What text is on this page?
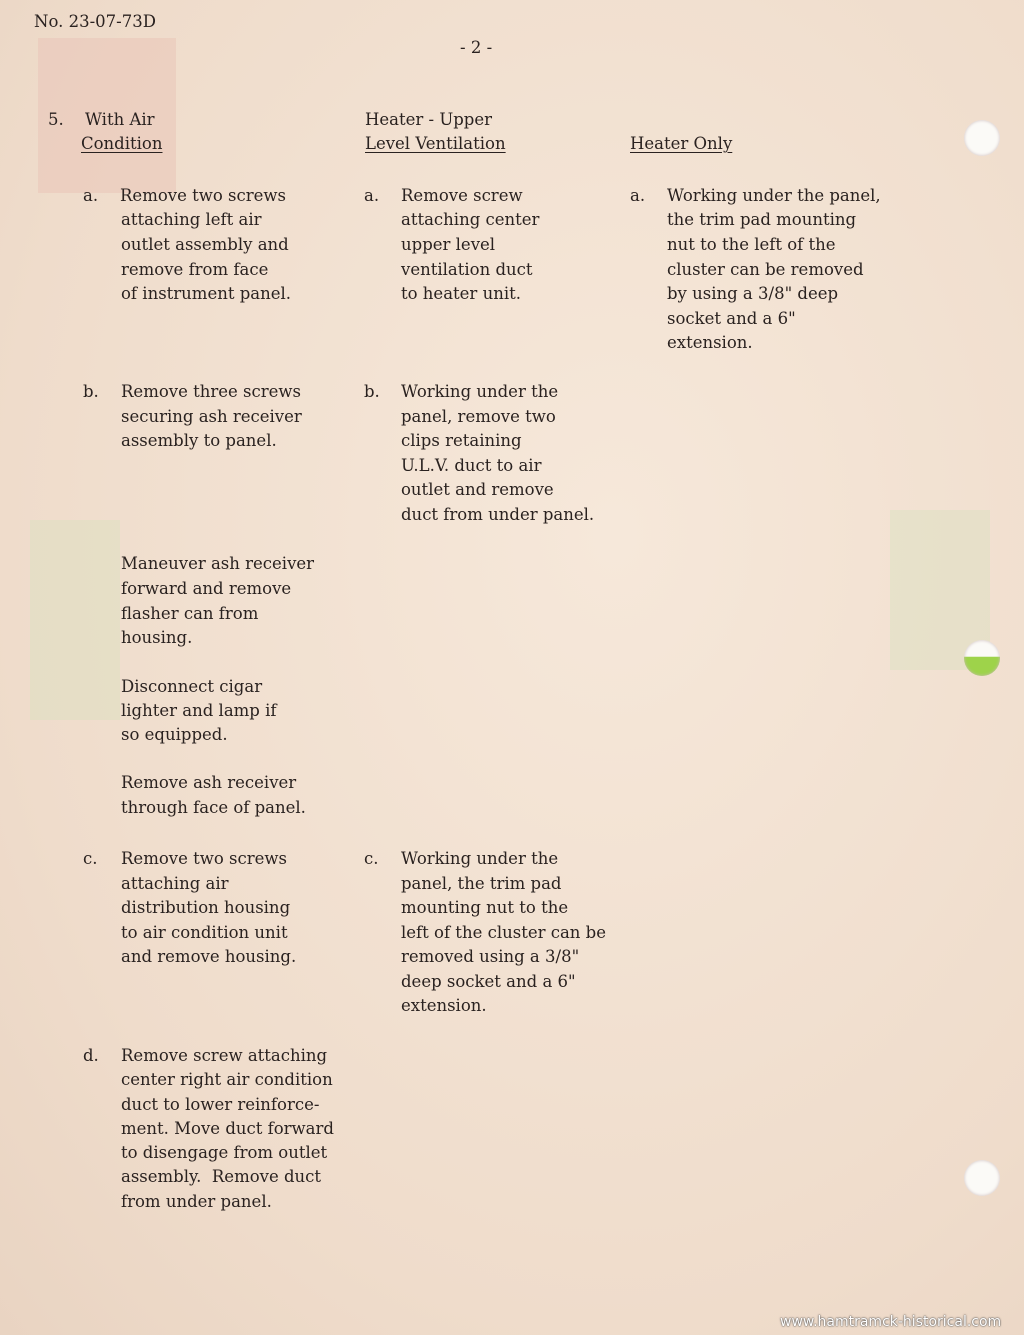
No. 23-07-73D
- 2 -
5. With Air
Condition
Heater - Upper
Level Ventilation	Heater Only
a. Remove two screws
attaching left air
outlet assembly and
remove from face
of instrument panel.
b. Remove three screws
securing ash receiver
assembly to panel.
Maneuver ash receiver
forward and remove
flasher can from
housing.
Disconnect cigar
lighter and lamp if
so equipped.
Remove ash receiver
through face of panel.
c. Remove two screws
attaching air
distribution housing
to air condition unit
and remove housing.
d. Remove screw attaching
center right air condition
duct to lower reinforce-
ment. Move duct forward
to disengage from outlet
assembly.  Remove duct
from under panel.
a. Remove screw
attaching center
upper level
ventilation duct
to heater unit.
b. Working under the
panel, remove two
clips retaining
U.L.V. duct to air
outlet and remove
duct from under panel.
c. Working under the
panel, the trim pad
mounting nut to the
left of the cluster can be
removed using a 3/8"
deep socket and a 6"
extension.
a. Working under the panel,
the trim pad mounting
nut to the left of the
cluster can be removed
by using a 3/8" deep
socket and a 6"
extension.
www.hamtramck-historical.com
